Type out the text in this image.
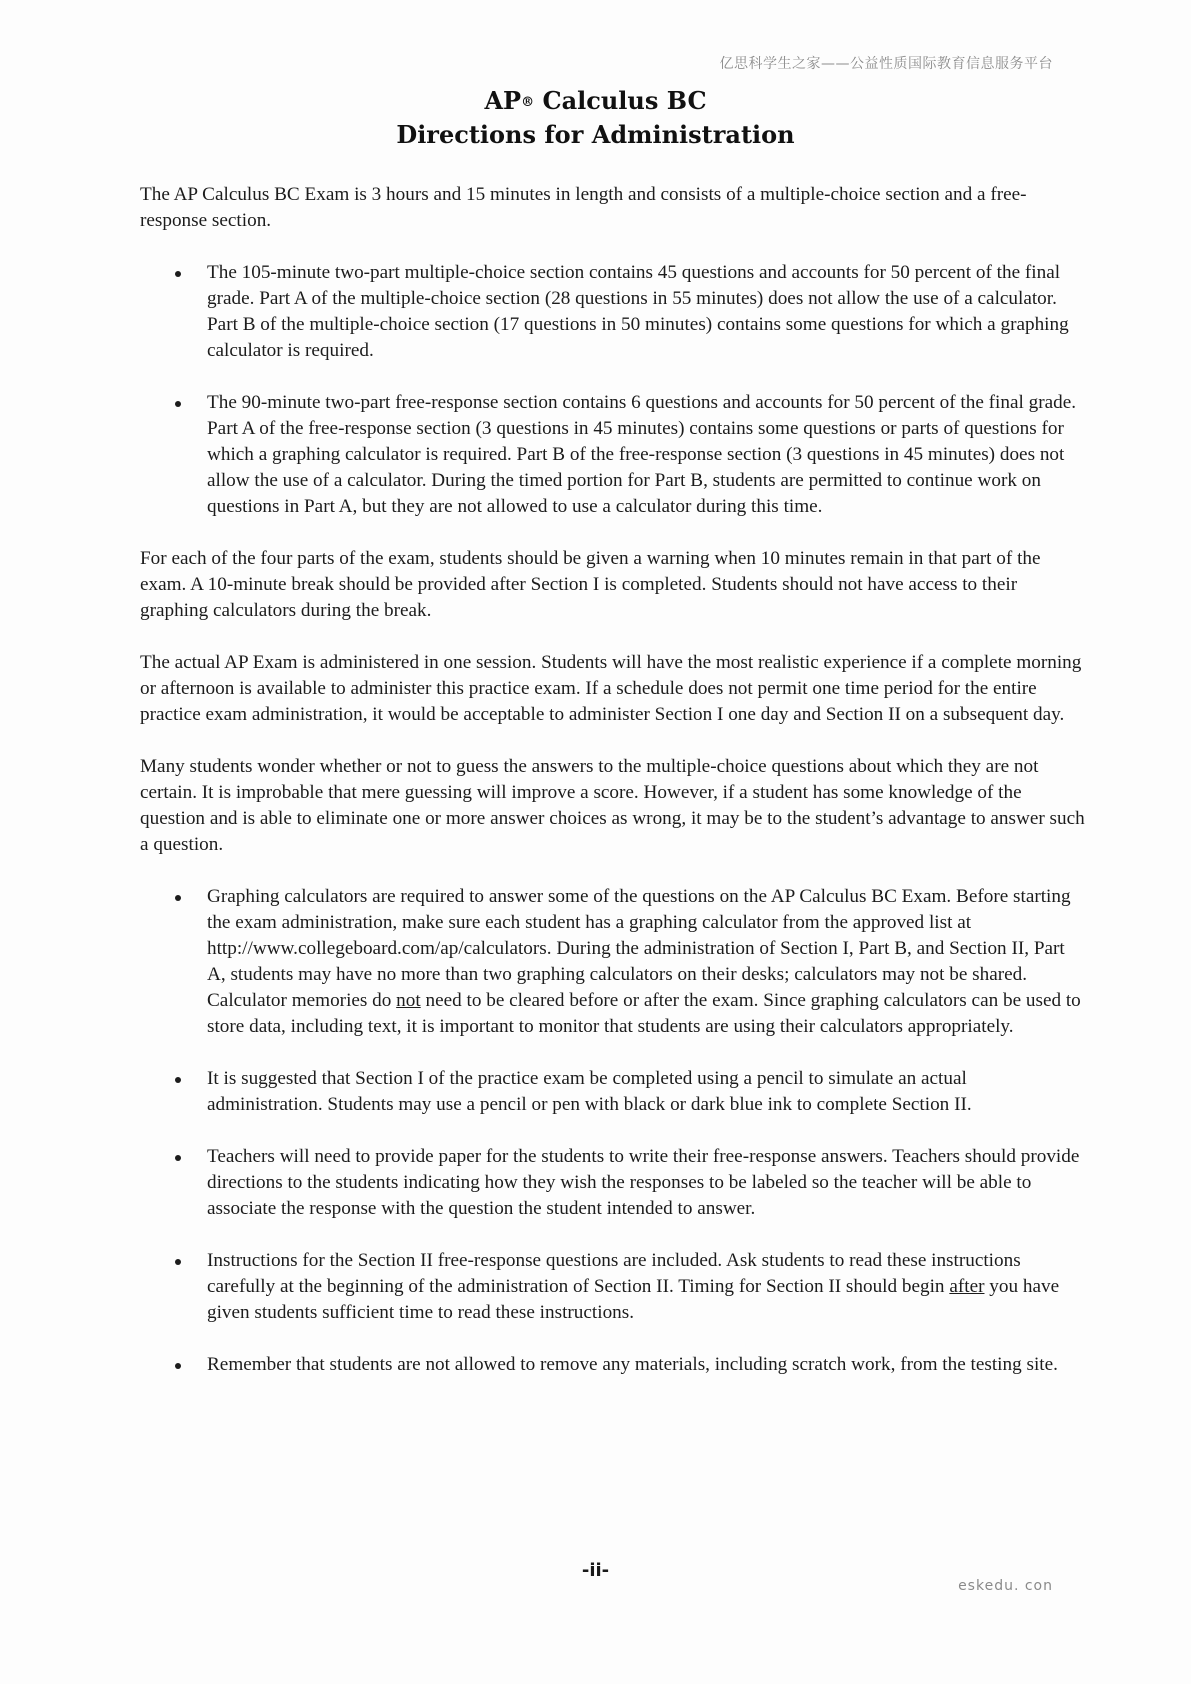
亿思科学生之家——公益性质国际教育信息服务平台
AP® Calculus BC
Directions for Administration

The AP Calculus BC Exam is 3 hours and 15 minutes in length and consists of a multiple-choice section and a free-response section.

The 105-minute two-part multiple-choice section contains 45 questions and accounts for 50 percent of the final grade. Part A of the multiple-choice section (28 questions in 55 minutes) does not allow the use of a calculator. Part B of the multiple-choice section (17 questions in 50 minutes) contains some questions for which a graphing calculator is required.
The 90-minute two-part free-response section contains 6 questions and accounts for 50 percent of the final grade. Part A of the free-response section (3 questions in 45 minutes) contains some questions or parts of questions for which a graphing calculator is required. Part B of the free-response section (3 questions in 45 minutes) does not allow the use of a calculator. During the timed portion for Part B, students are permitted to continue work on questions in Part A, but they are not allowed to use a calculator during this time.

For each of the four parts of the exam, students should be given a warning when 10 minutes remain in that part of the exam. A 10-minute break should be provided after Section I is completed. Students should not have access to their graphing calculators during the break.

The actual AP Exam is administered in one session. Students will have the most realistic experience if a complete morning or afternoon is available to administer this practice exam. If a schedule does not permit one time period for the entire practice exam administration, it would be acceptable to administer Section I one day and Section II on a subsequent day.

Many students wonder whether or not to guess the answers to the multiple-choice questions about which they are not certain. It is improbable that mere guessing will improve a score. However, if a student has some knowledge of the question and is able to eliminate one or more answer choices as wrong, it may be to the student’s advantage to answer such a question.

Graphing calculators are required to answer some of the questions on the AP Calculus BC Exam. Before starting the exam administration, make sure each student has a graphing calculator from the approved list at http://www.collegeboard.com/ap/calculators. During the administration of Section I, Part B, and Section II, Part A, students may have no more than two graphing calculators on their desks; calculators may not be shared. Calculator memories do not need to be cleared before or after the exam. Since graphing calculators can be used to store data, including text, it is important to monitor that students are using their calculators appropriately.
It is suggested that Section I of the practice exam be completed using a pencil to simulate an actual administration. Students may use a pencil or pen with black or dark blue ink to complete Section II.
Teachers will need to provide paper for the students to write their free-response answers. Teachers should provide directions to the students indicating how they wish the responses to be labeled so the teacher will be able to associate the response with the question the student intended to answer.
Instructions for the Section II free-response questions are included. Ask students to read these instructions carefully at the beginning of the administration of Section II. Timing for Section II should begin after you have given students sufficient time to read these instructions.
Remember that students are not allowed to remove any materials, including scratch work, from the testing site.
-ii-
eskedu. con
